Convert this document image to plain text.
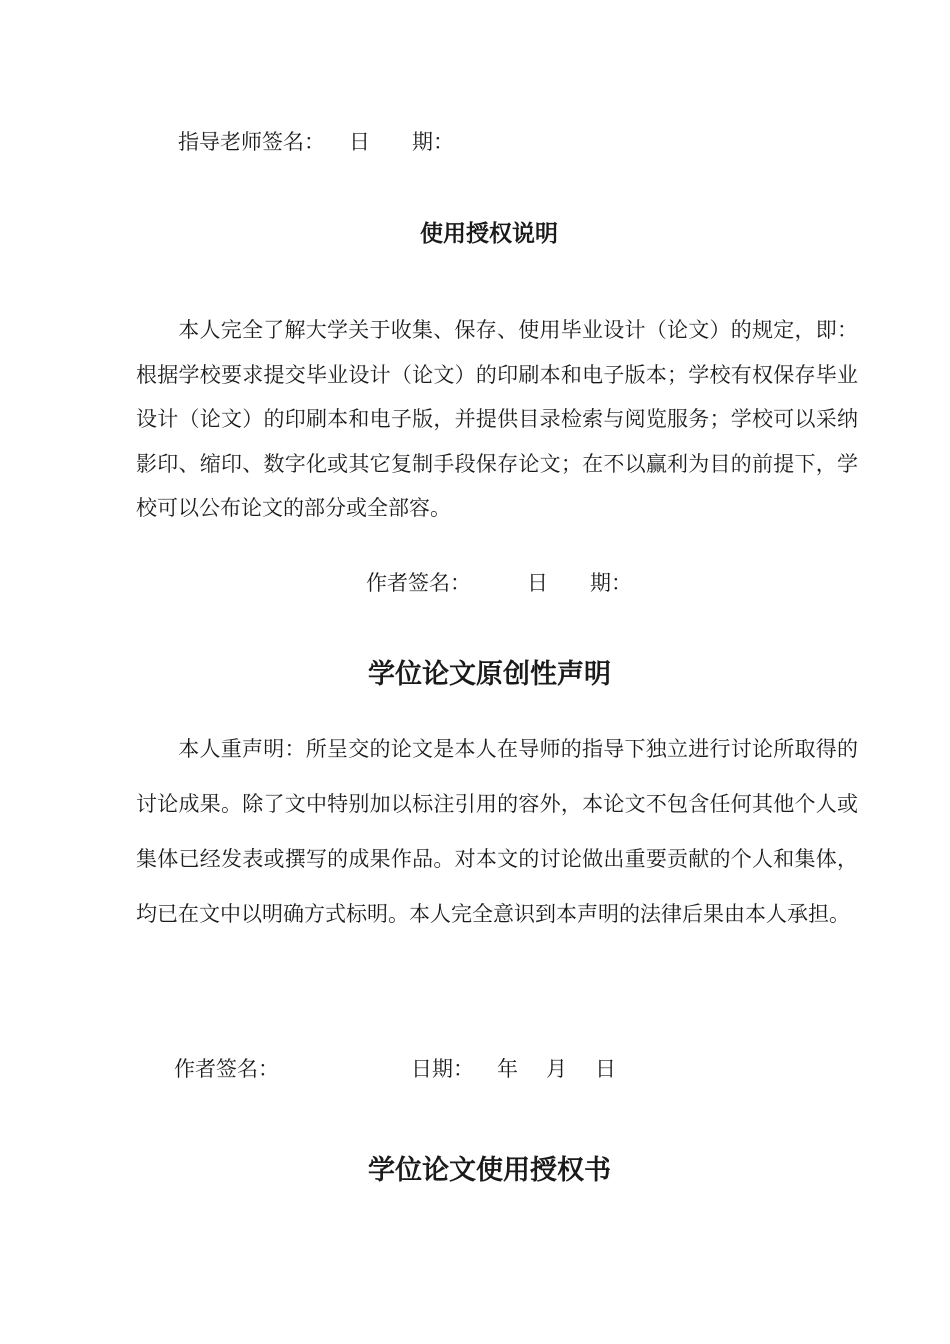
指导老师签名： 日　　期：
使用授权说明
本人完全了解大学关于收集、保存、使用毕业设计（论文）的规定，即：根据学校要求提交毕业设计（论文）的印刷本和电子版本；学校有权保存毕业设计（论文）的印刷本和电子版，并提供目录检索与阅览服务；学校可以采纳影印、缩印、数字化或其它复制手段保存论文；在不以赢利为目的前提下，学校可以公布论文的部分或全部容。
作者签名：	日　　期：
学位论文原创性声明
本人重声明：所呈交的论文是本人在导师的指导下独立进行讨论所取得的讨论成果。除了文中特别加以标注引用的容外，本论文不包含任何其他个人或集体已经发表或撰写的成果作品。对本文的讨论做出重要贡献的个人和集体，均已在文中以明确方式标明。本人完全意识到本声明的法律后果由本人承担。
作者签名：	日期： 年 月 日
学位论文使用授权书
